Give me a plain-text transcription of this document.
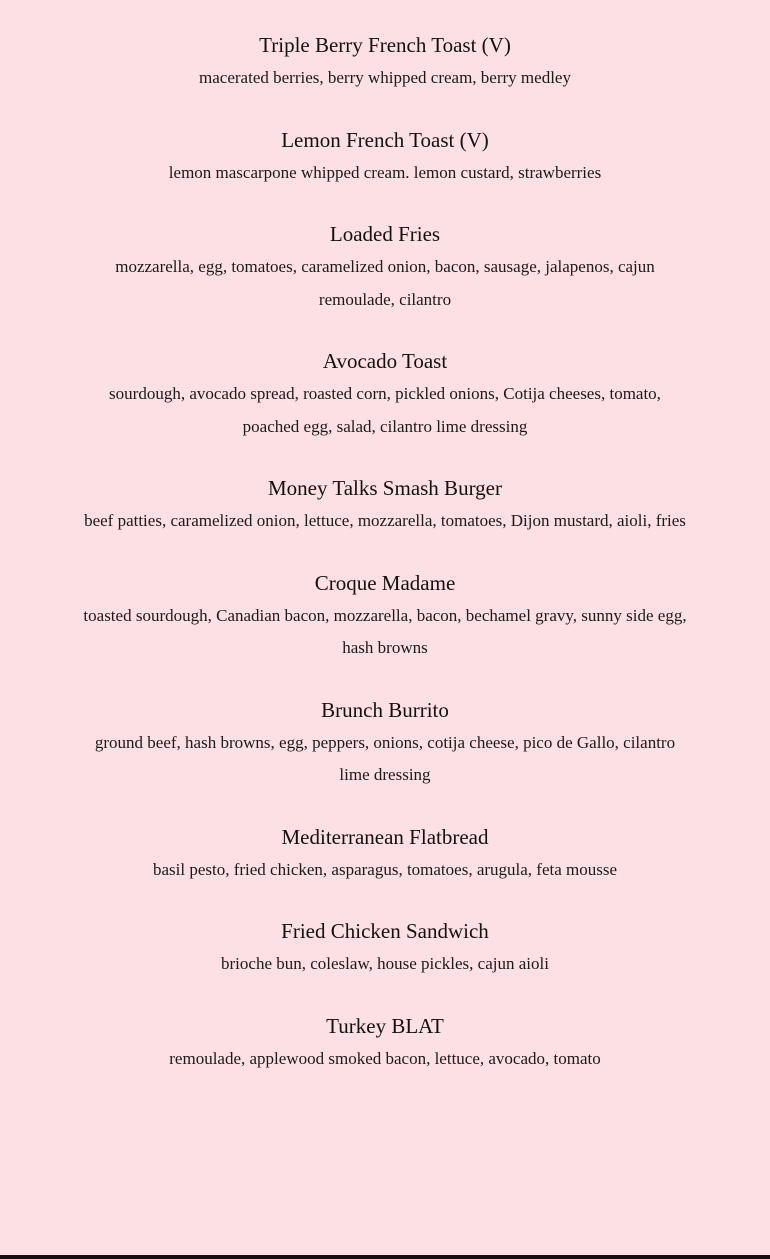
Triple Berry French Toast (V)

macerated berries, berry whipped cream, berry medley

Lemon French Toast (V)

lemon mascarpone whipped cream. lemon custard, strawberries

Loaded Fries

mozzarella, egg, tomatoes, caramelized onion, bacon, sausage, jalapenos, cajun remoulade, cilantro

Avocado Toast

sourdough, avocado spread, roasted corn, pickled onions, Cotija cheeses, tomato, poached egg, salad, cilantro lime dressing

Money Talks Smash Burger

beef patties, caramelized onion, lettuce, mozzarella, tomatoes, Dijon mustard, aioli, fries

Croque Madame

toasted sourdough, Canadian bacon, mozzarella, bacon, bechamel gravy, sunny side egg, hash browns

Brunch Burrito

ground beef, hash browns, egg, peppers, onions, cotija cheese, pico de Gallo, cilantro lime dressing

Mediterranean Flatbread

basil pesto, fried chicken, asparagus, tomatoes, arugula, feta mousse

Fried Chicken Sandwich

brioche bun, coleslaw, house pickles, cajun aioli

Turkey BLAT

remoulade, applewood smoked bacon, lettuce, avocado, tomato
